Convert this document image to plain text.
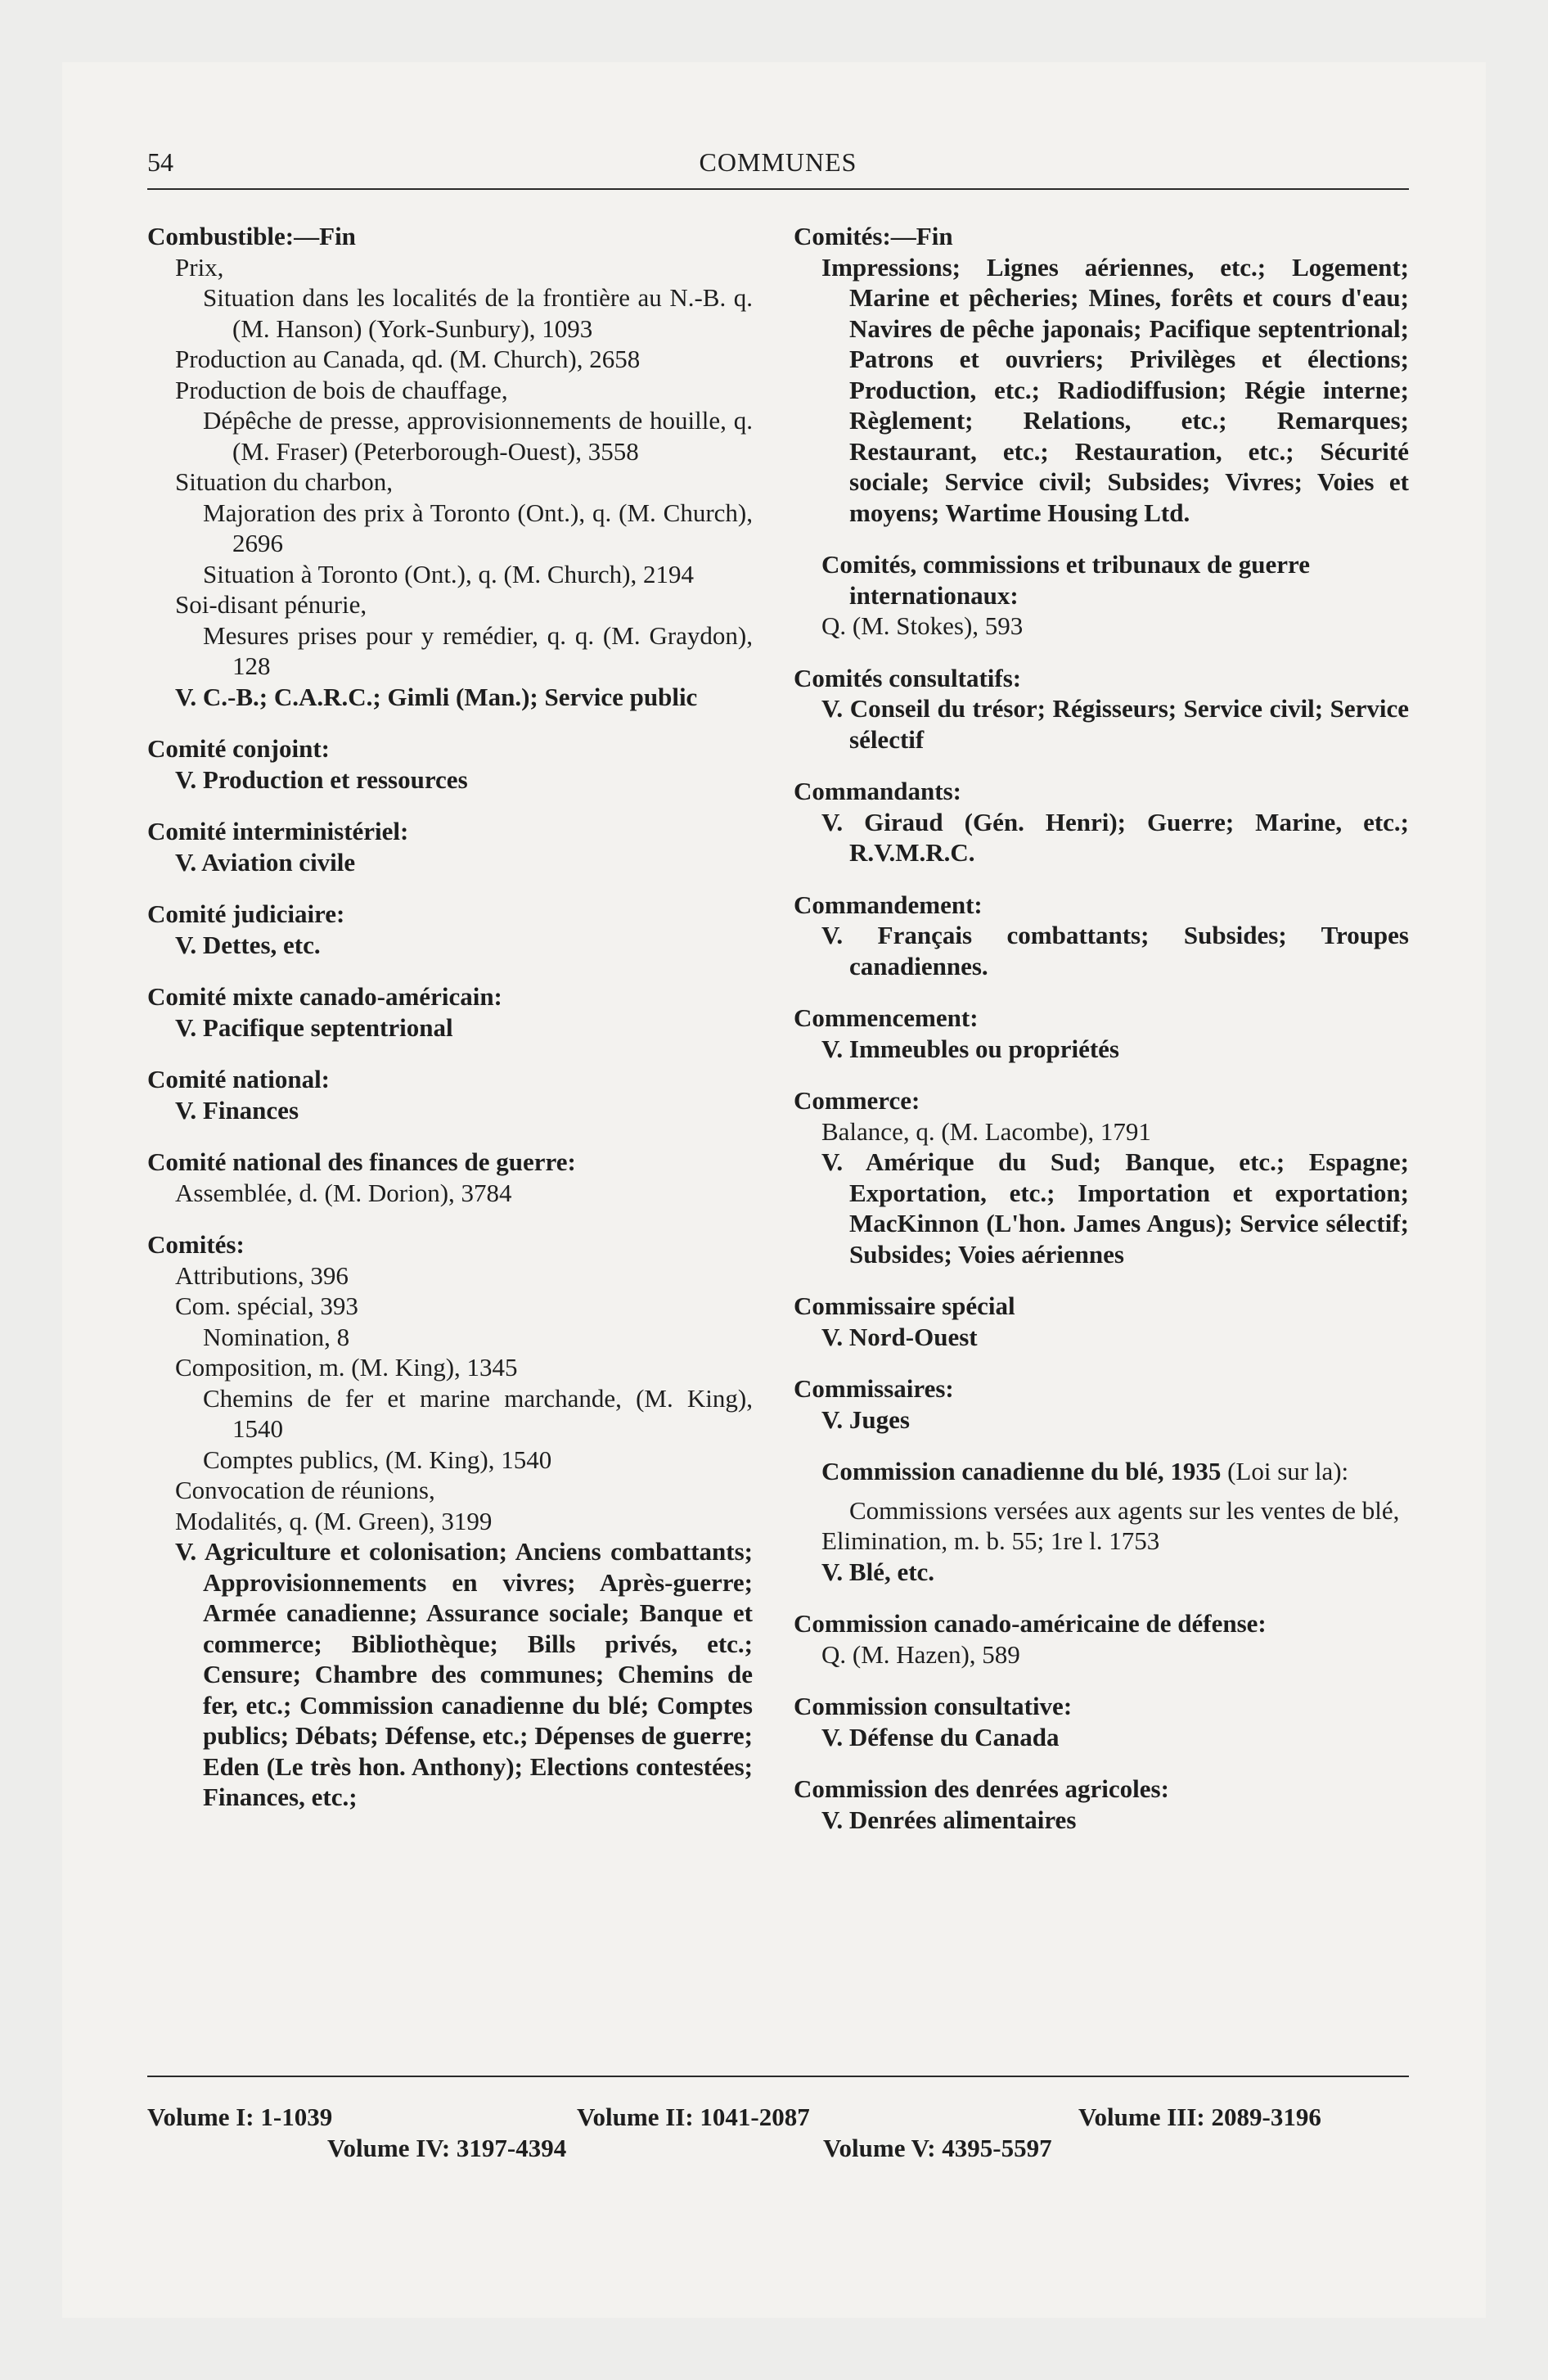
54	COMMUNES

Combustible:—Fin

Prix,

Situation dans les localités de la frontière au N.-B. q. (M. Hanson) (York-Sunbury), 1093

Production au Canada, qd. (M. Church), 2658

Production de bois de chauffage,

Dépêche de presse, approvisionnements de houille, q. (M. Fraser) (Peterborough-Ouest), 3558

Situation du charbon,

Majoration des prix à Toronto (Ont.), q. (M. Church), 2696

Situation à Toronto (Ont.), q. (M. Church), 2194

Soi-disant pénurie,

Mesures prises pour y remédier, q. q. (M. Graydon), 128

V. C.-B.; C.A.R.C.; Gimli (Man.); Service public

Comité conjoint:

V. Production et ressources

Comité interministériel:

V. Aviation civile

Comité judiciaire:

V. Dettes, etc.

Comité mixte canado-américain:

V. Pacifique septentrional

Comité national:

V. Finances

Comité national des finances de guerre:

Assemblée, d. (M. Dorion), 3784

Comités:

Attributions, 396

Com. spécial, 393

Nomination, 8

Composition, m. (M. King), 1345

Chemins de fer et marine marchande, (M. King), 1540

Comptes publics, (M. King), 1540

Convocation de réunions,

Modalités, q. (M. Green), 3199

V. Agriculture et colonisation; Anciens combattants; Approvisionnements en vivres; Après-guerre; Armée canadienne; Assurance sociale; Banque et commerce; Bibliothèque; Bills privés, etc.; Censure; Chambre des communes; Chemins de fer, etc.; Commission canadienne du blé; Comptes publics; Débats; Défense, etc.; Dépenses de guerre; Eden (Le très hon. Anthony); Elections contestées; Finances, etc.;

Comités:—Fin

Impressions; Lignes aériennes, etc.; Logement; Marine et pêcheries; Mines, forêts et cours d'eau; Navires de pêche japonais; Pacifique septentrional; Patrons et ouvriers; Privilèges et élections; Production, etc.; Radiodiffusion; Régie interne; Règlement; Relations, etc.; Remarques; Restaurant, etc.; Restauration, etc.; Sécurité sociale; Service civil; Subsides; Vivres; Voies et moyens; Wartime Housing Ltd.

Comités, commissions et tribunaux de guerre internationaux:

Q. (M. Stokes), 593

Comités consultatifs:

V. Conseil du trésor; Régisseurs; Service civil; Service sélectif

Commandants:

V. Giraud (Gén. Henri); Guerre; Marine, etc.; R.V.M.R.C.

Commandement:

V. Français combattants; Subsides; Troupes canadiennes.

Commencement:

V. Immeubles ou propriétés

Commerce:

Balance, q. (M. Lacombe), 1791

V. Amérique du Sud; Banque, etc.; Espagne; Exportation, etc.; Importation et exportation; MacKinnon (L'hon. James Angus); Service sélectif; Subsides; Voies aériennes

Commissaire spécial

V. Nord-Ouest

Commissaires:

V. Juges

Commission canadienne du blé, 1935 (Loi sur la):

Commissions versées aux agents sur les ventes de blé,

Elimination, m. b. 55; 1re l. 1753

V. Blé, etc.

Commission canado-américaine de défense:

Q. (M. Hazen), 589

Commission consultative:

V. Défense du Canada

Commission des denrées agricoles:

V. Denrées alimentaires

Volume I: 1-1039	Volume II: 1041-2087	Volume III: 2089-3196
Volume IV: 3197-4394	Volume V: 4395-5597
